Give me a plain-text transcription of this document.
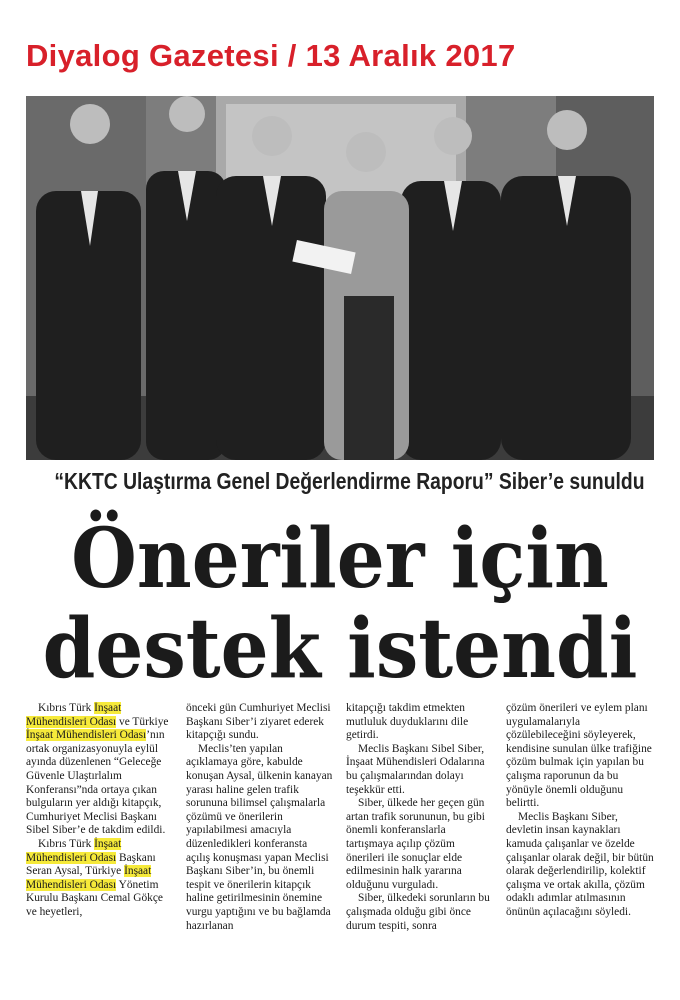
Diyalog Gazetesi / 13 Aralık 2017
“KKTC Ulaştırma Genel Değerlendirme Raporu” Siber’e sunuldu
Öneriler için
destek istendi

Kıbrıs Türk İnşaat Mühendisleri Odası ve Türkiye İnşaat Mühendisleri Odası’nın ortak organizasyonuyla eylül ayında düzenlenen “Geleceğe Güvenle Ulaştırlalım Konferansı”nda ortaya çıkan bulguların yer aldığı kitapçık, Cumhuriyet Meclisi Başkanı Sibel Siber’e de takdim edildi.

Kıbrıs Türk İnşaat Mühendisleri Odası Başkanı Seran Aysal, Türkiye İnşaat Mühendisleri Odası Yönetim Kurulu Başkanı Cemal Gökçe ve heyetleri,

önceki gün Cumhuriyet Meclisi Başkanı Siber’i ziyaret ederek kitapçığı sundu.

Meclis’ten yapılan açıklamaya göre, kabulde konuşan Aysal, ülkenin kanayan yarası haline gelen trafik sorununa bilimsel çalışmalarla çözümü ve önerilerin yapılabilmesi amacıyla düzenledikleri konferansta açılış konuşması yapan Meclisi Başkanı Siber’in, bu önemli tespit ve önerilerin kitapçık haline getirilmesinin önemine vurgu yaptığını ve bu bağlamda hazırlanan

kitapçığı takdim etmekten mutluluk duyduklarını dile getirdi.

Meclis Başkanı Sibel Siber, İnşaat Mühendisleri Odalarına bu çalışmalarından dolayı teşekkür etti.

Siber, ülkede her geçen gün artan trafik sorununun, bu gibi önemli konferanslarla tartışmaya açılıp çözüm önerileri ile sonuçlar elde edilmesinin halk yararına olduğunu vurguladı.

Siber, ülkedeki sorunların bu çalışmada olduğu gibi önce durum tespiti, sonra

çözüm önerileri ve eylem planı uygulamalarıyla çözülebileceğini söyleyerek, kendisine sunulan ülke trafiğine çözüm bulmak için yapılan bu çalışma raporunun da bu yönüyle önemli olduğunu belirtti.

Meclis Başkanı Siber, devletin insan kaynakları kamuda çalışanlar ve özelde çalışanlar olarak değil, bir bütün olarak değerlendirilip, kolektif çalışma ve ortak akılla, çözüm odaklı adımlar atılmasının önünün açılacağını söyledi.
